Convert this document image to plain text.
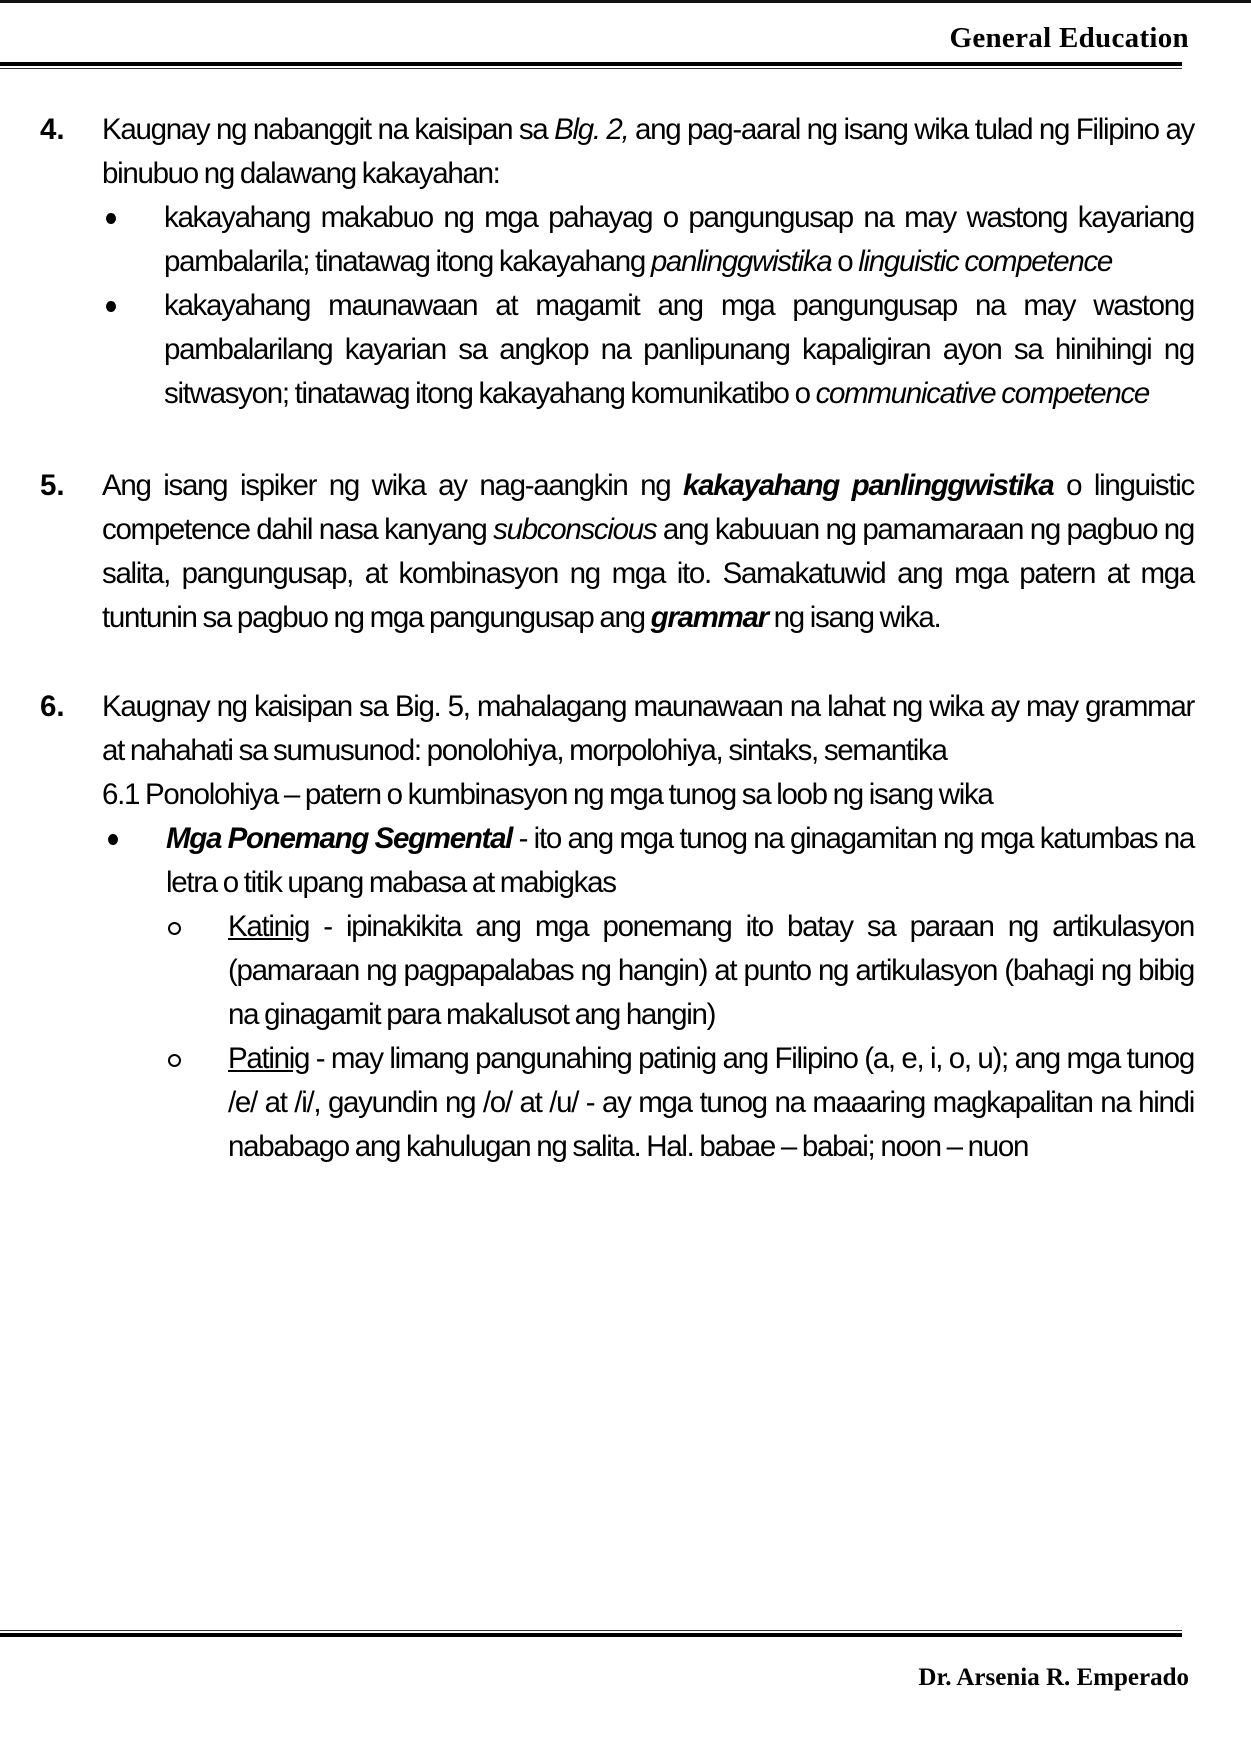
General Education
4. Kaugnay ng nabanggit na kaisipan sa Blg. 2, ang pag-aaral ng isang wika tulad ng Filipino ay binubuo ng dalawang kakayahan:
kakayahang makabuo ng mga pahayag o pangungusap na may wastong kayariang pambalarila; tinatawag itong kakayahang panlinggwistika o linguistic competence
kakayahang maunawaan at magamit ang mga pangungusap na may wastong pambalarilang kayarian sa angkop na panlipunang kapaligiran ayon sa hinihingi ng sitwasyon; tinatawag itong kakayahang komunikatibo o communicative competence
5. Ang isang ispiker ng wika ay nag-aangkin ng kakayahang panlinggwistika o linguistic competence dahil nasa kanyang subconscious ang kabuuan ng pamamaraan ng pagbuo ng salita, pangungusap, at kombinasyon ng mga ito. Samakatuwid ang mga patern at mga tuntunin sa pagbuo ng mga pangungusap ang grammar ng isang wika.
6. Kaugnay ng kaisipan sa Big. 5, mahalagang maunawaan na lahat ng wika ay may grammar at nahahati sa sumusunod: ponolohiya, morpolohiya, sintaks, semantika
6.1 Ponolohiya – patern o kumbinasyon ng mga tunog sa loob ng isang wika
Mga Ponemang Segmental - ito ang mga tunog na ginagamitan ng mga katumbas na letra o titik upang mabasa at mabigkas
Katinig - ipinakikita ang mga ponemang ito batay sa paraan ng artikulasyon (pamaraan ng pagpapalabas ng hangin) at punto ng artikulasyon (bahagi ng bibig na ginagamit para makalusot ang hangin)
Patinig - may limang pangunahing patinig ang Filipino (a, e, i, o, u); ang mga tunog /e/ at /i/, gayundin ng /o/ at /u/ - ay mga tunog na maaaring magkapalitan na hindi nababago ang kahulugan ng salita. Hal. babae – babai; noon – nuon
Dr. Arsenia R. Emperado
